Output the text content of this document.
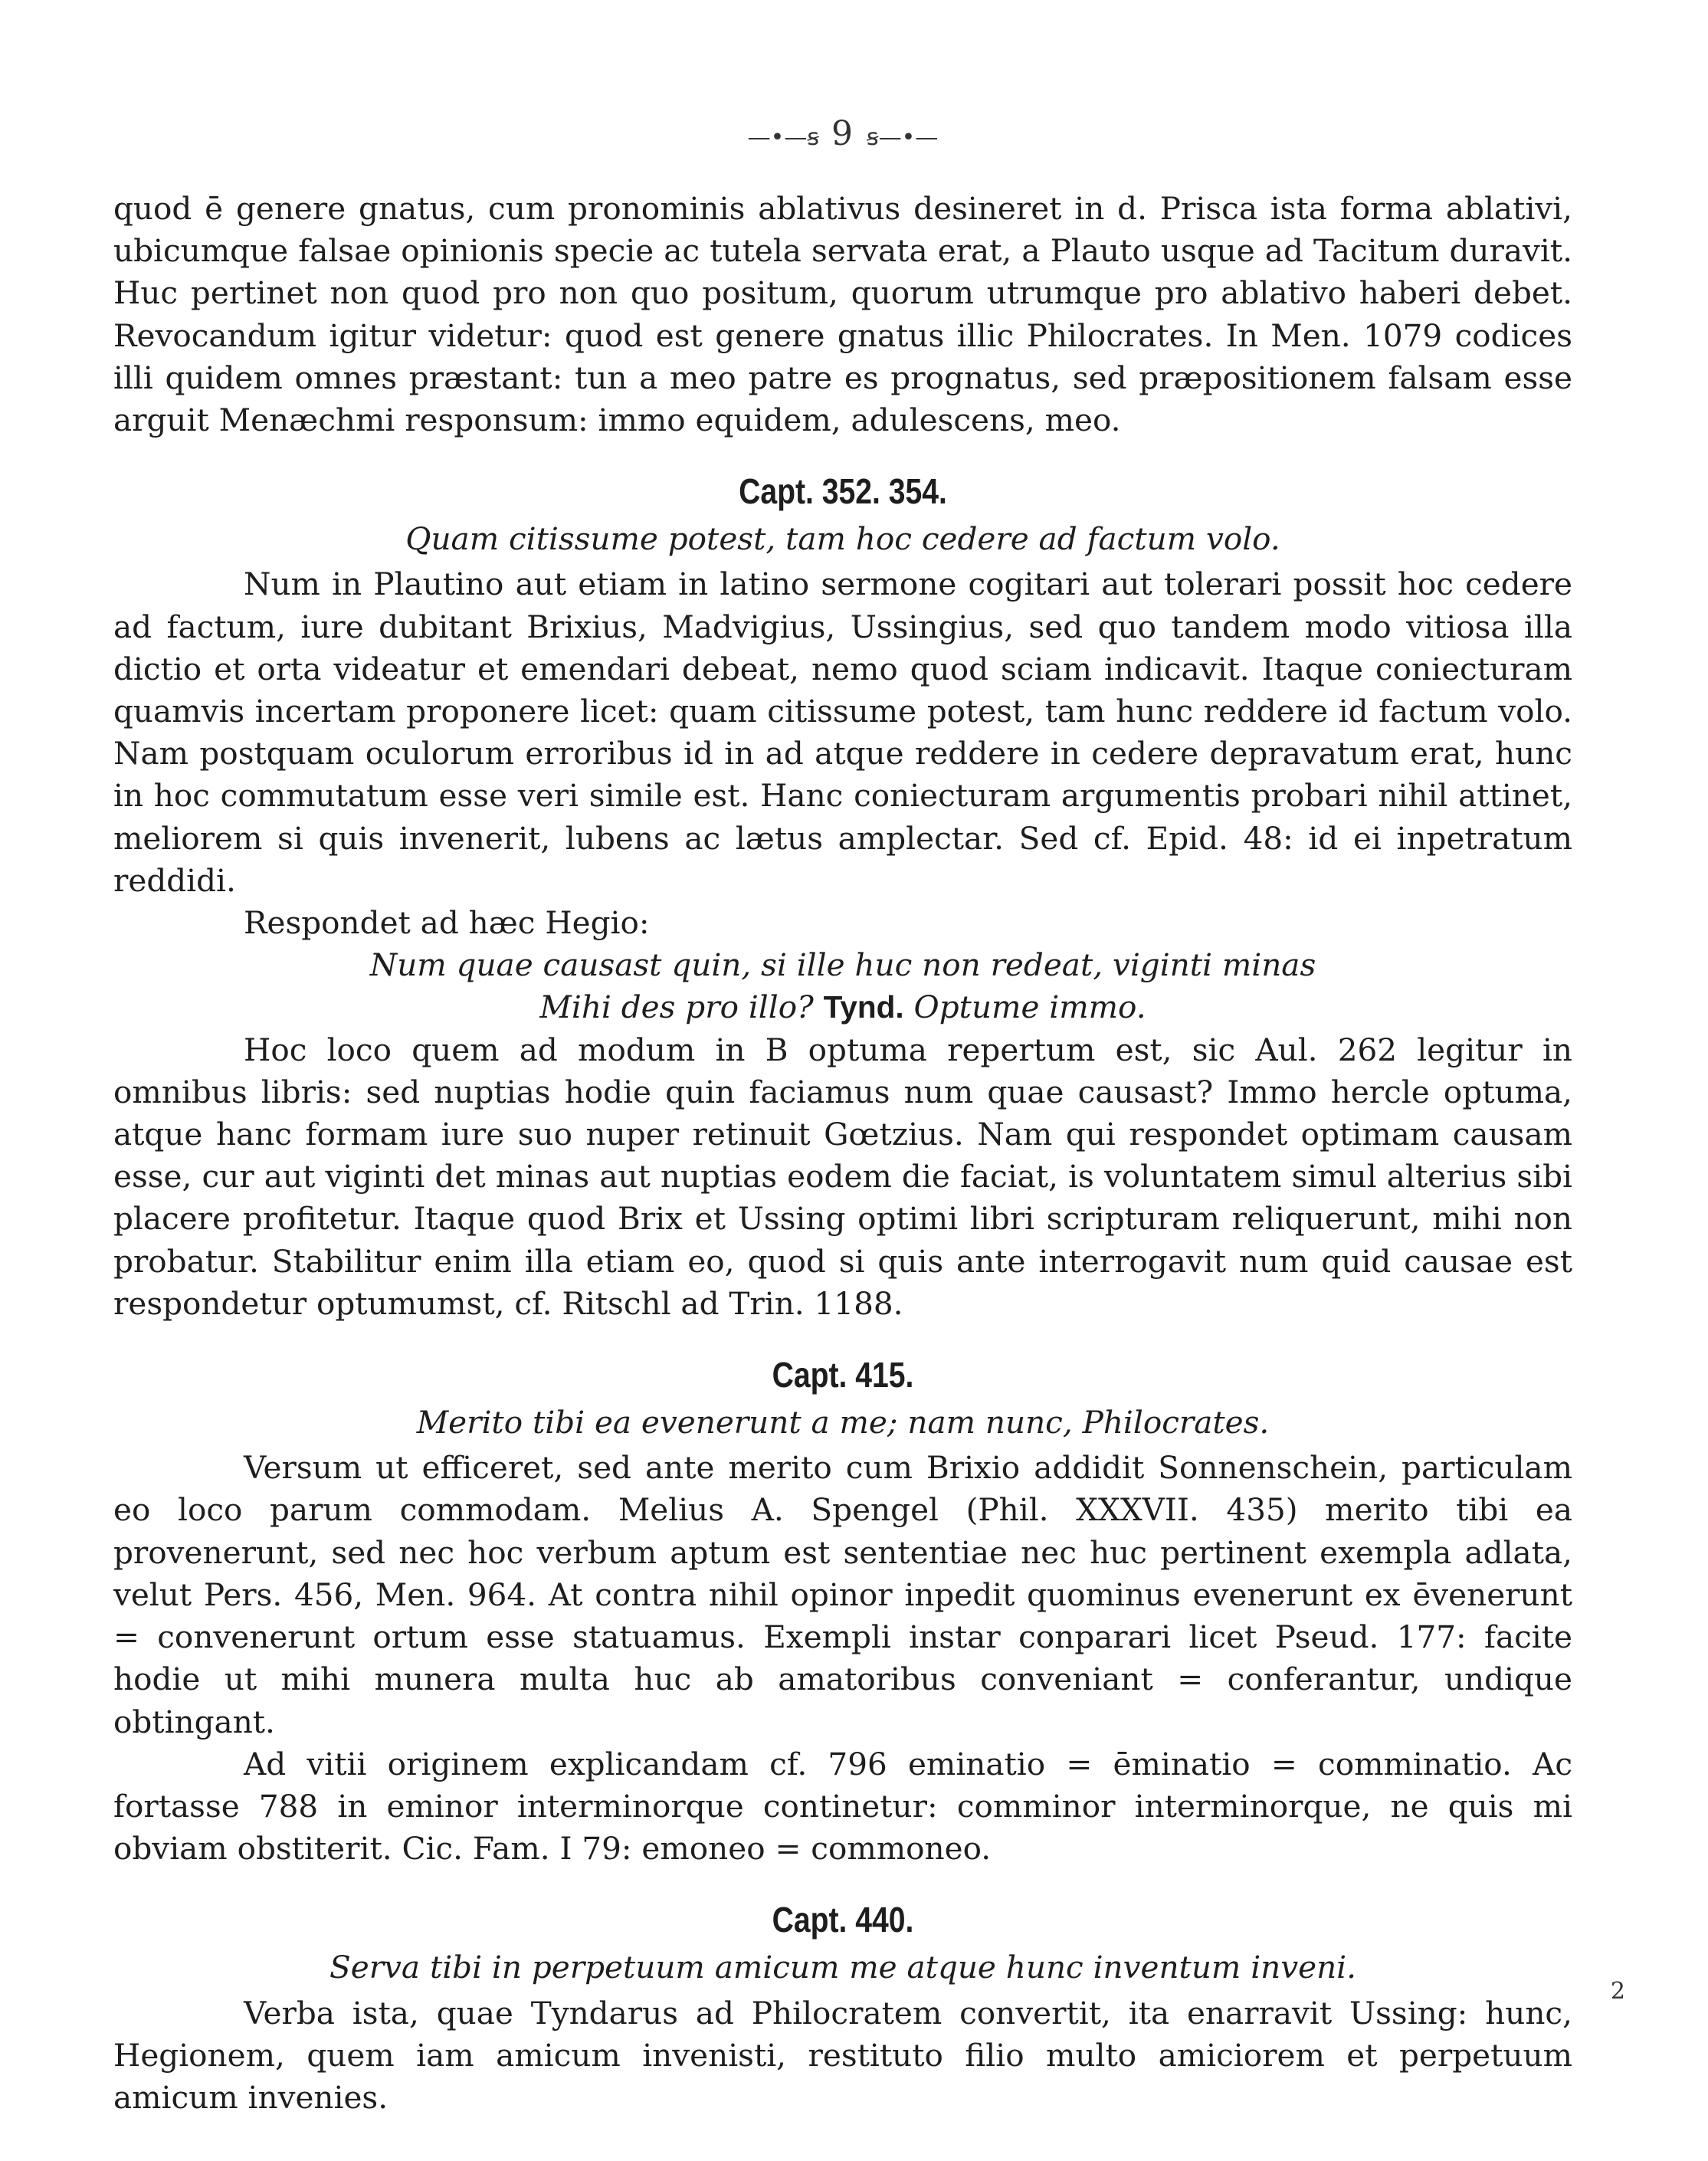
—•—ꞩ 9 ꞩ—•—

quod ē genere gnatus, cum pronominis ablativus desineret in d. Prisca ista forma ablativi, ubicumque falsae opinionis specie ac tutela servata erat, a Plauto usque ad Tacitum duravit. Huc pertinet non quod pro non quo positum, quorum utrumque pro ablativo haberi debet. Revocandum igitur videtur: quod est genere gnatus illic Philocrates. In Men. 1079 codices illi quidem omnes præstant: tun a meo patre es prognatus, sed præpositionem falsam esse arguit Menæchmi responsum: immo equidem, adulescens, meo.

Capt. 352. 354.
Quam citissume potest, tam hoc cedere ad factum volo.

Num in Plautino aut etiam in latino sermone cogitari aut tolerari possit hoc cedere ad factum, iure dubitant Brixius, Madvigius, Ussingius, sed quo tandem modo vitiosa illa dictio et orta videatur et emendari debeat, nemo quod sciam indicavit. Itaque coniecturam quamvis incertam proponere licet: quam citissume potest, tam hunc reddere id factum volo. Nam postquam oculorum erroribus id in ad atque reddere in cedere depravatum erat, hunc in hoc commutatum esse veri simile est. Hanc coniecturam argumentis probari nihil attinet, meliorem si quis invenerit, lubens ac lætus amplectar. Sed cf. Epid. 48: id ei inpetratum reddidi.

Respondet ad hæc Hegio:

Num quae causast quin, si ille huc non redeat, viginti minas

Mihi des pro illo? Tynd. Optume immo.

Hoc loco quem ad modum in B optuma repertum est, sic Aul. 262 legitur in omnibus libris: sed nuptias hodie quin faciamus num quae causast? Immo hercle optuma, atque hanc formam iure suo nuper retinuit Gœtzius. Nam qui respondet optimam causam esse, cur aut viginti det minas aut nuptias eodem die faciat, is voluntatem simul alterius sibi placere profitetur. Itaque quod Brix et Ussing optimi libri scripturam reliquerunt, mihi non probatur. Stabilitur enim illa etiam eo, quod si quis ante interrogavit num quid causae est respondetur optumumst, cf. Ritschl ad Trin. 1188.

Capt. 415.
Merito tibi ea evenerunt a me; nam nunc, Philocrates.

Versum ut efficeret, sed ante merito cum Brixio addidit Sonnenschein, particulam eo loco parum commodam. Melius A. Spengel (Phil. XXXVII. 435) merito tibi ea provenerunt, sed nec hoc verbum aptum est sententiae nec huc pertinent exempla adlata, velut Pers. 456, Men. 964. At contra nihil opinor inpedit quominus evenerunt ex ēvenerunt = convenerunt ortum esse statuamus. Exempli instar conparari licet Pseud. 177: facite hodie ut mihi munera multa huc ab amatoribus conveniant = conferantur, undique obtingant.

Ad vitii originem explicandam cf. 796 eminatio = ēminatio = comminatio. Ac fortasse 788 in eminor interminorque continetur: comminor interminorque, ne quis mi obviam obstiterit. Cic. Fam. I 79: emoneo = commoneo.

Capt. 440.
Serva tibi in perpetuum amicum me atque hunc inventum inveni.

Verba ista, quae Tyndarus ad Philocratem convertit, ita enarravit Ussing: hunc, Hegionem, quem iam amicum invenisti, restituto filio multo amiciorem et perpetuum amicum invenies.

2
